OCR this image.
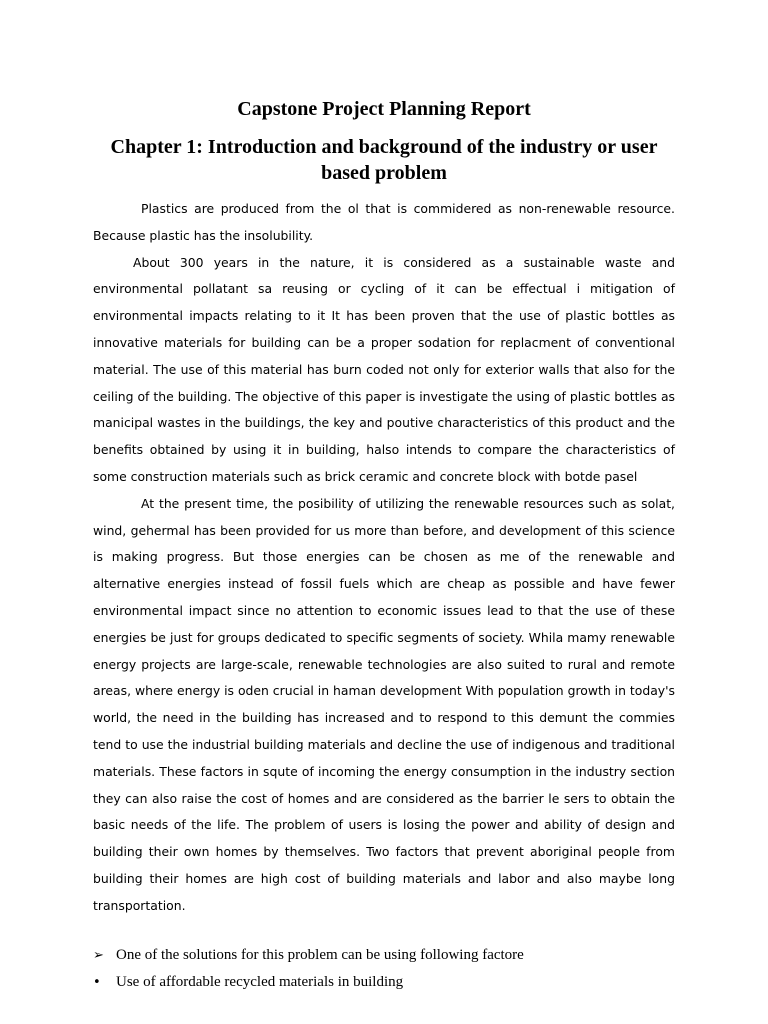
Capstone Project Planning Report
Chapter 1: Introduction and background of the industry or user based problem

Plastics are produced from the ol that is commidered as non-renewable resource. Because plastic has the insolubility.

About 300 years in the nature, it is considered as a sustainable waste and environmental pollatant sa reusing or cycling of it can be effectual i mitigation of environmental impacts relating to it It has been proven that the use of plastic bottles as innovative materials for building can be a proper sodation for replacment of conventional material. The use of this material has burn coded not only for exterior walls that also for the ceiling of the building. The objective of this paper is investigate the using of plastic bottles as manicipal wastes in the buildings, the key and poutive characteristics of this product and the benefits obtained by using it in building, halso intends to compare the characteristics of some construction materials such as brick ceramic and concrete block with botde pasel

At the present time, the posibility of utilizing the renewable resources such as solat, wind, gehermal has been provided for us more than before, and development of this science is making progress. But those energies can be chosen as me of the renewable and alternative energies instead of fossil fuels which are cheap as possible and have fewer environmental impact since no attention to economic issues lead to that the use of these energies be just for groups dedicated to specific segments of society. Whila mamy renewable energy projects are large-scale, renewable technologies are also suited to rural and remote areas, where energy is oden crucial in haman development With population growth in today's world, the need in the building has increased and to respond to this demunt the commies tend to use the industrial building materials and decline the use of indigenous and traditional materials. These factors in squte of incoming the energy consumption in the industry section they can also raise the cost of homes and are considered as the barrier le sers to obtain the basic needs of the life. The problem of users is losing the power and ability of design and building their own homes by themselves. Two factors that prevent aboriginal people from building their homes are high cost of building materials and labor and also maybe long transportation.

➢ One of the solutions for this problem can be using following factore
•	Use of affordable recycled materials in building
